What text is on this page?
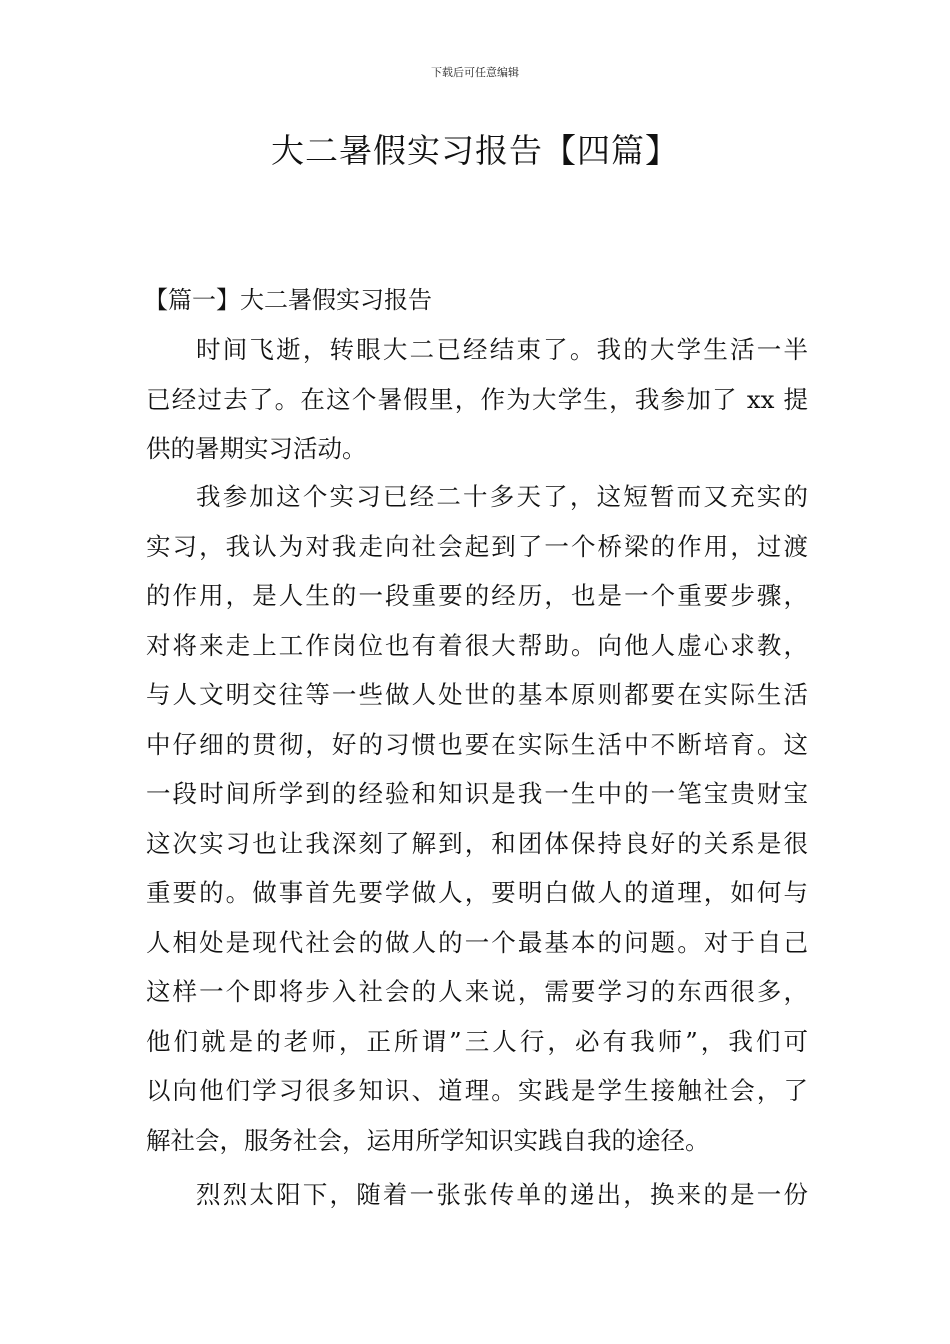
下载后可任意编辑
大二暑假实习报告【四篇】
【篇一】大二暑假实习报告
时间飞逝，转眼大二已经结束了。我的大学生活一半
已经过去了。在这个暑假里，作为大学生，我参加了 xx 提
供的暑期实习活动。
我参加这个实习已经二十多天了，这短暂而又充实的
实习，我认为对我走向社会起到了一个桥梁的作用，过渡
的作用，是人生的一段重要的经历，也是一个重要步骤，
对将来走上工作岗位也有着很大帮助。向他人虚心求教，
与人文明交往等一些做人处世的基本原则都要在实际生活
中仔细的贯彻，好的习惯也要在实际生活中不断培育。这
一段时间所学到的经验和知识是我一生中的一笔宝贵财宝
这次实习也让我深刻了解到，和团体保持良好的关系是很
重要的。做事首先要学做人，要明白做人的道理，如何与
人相处是现代社会的做人的一个最基本的问题。对于自己
这样一个即将步入社会的人来说，需要学习的东西很多，
他们就是的老师，正所谓”三人行，必有我师”，我们可
以向他们学习很多知识、道理。实践是学生接触社会，了
解社会，服务社会，运用所学知识实践自我的途径。
烈烈太阳下，随着一张张传单的递出，换来的是一份
